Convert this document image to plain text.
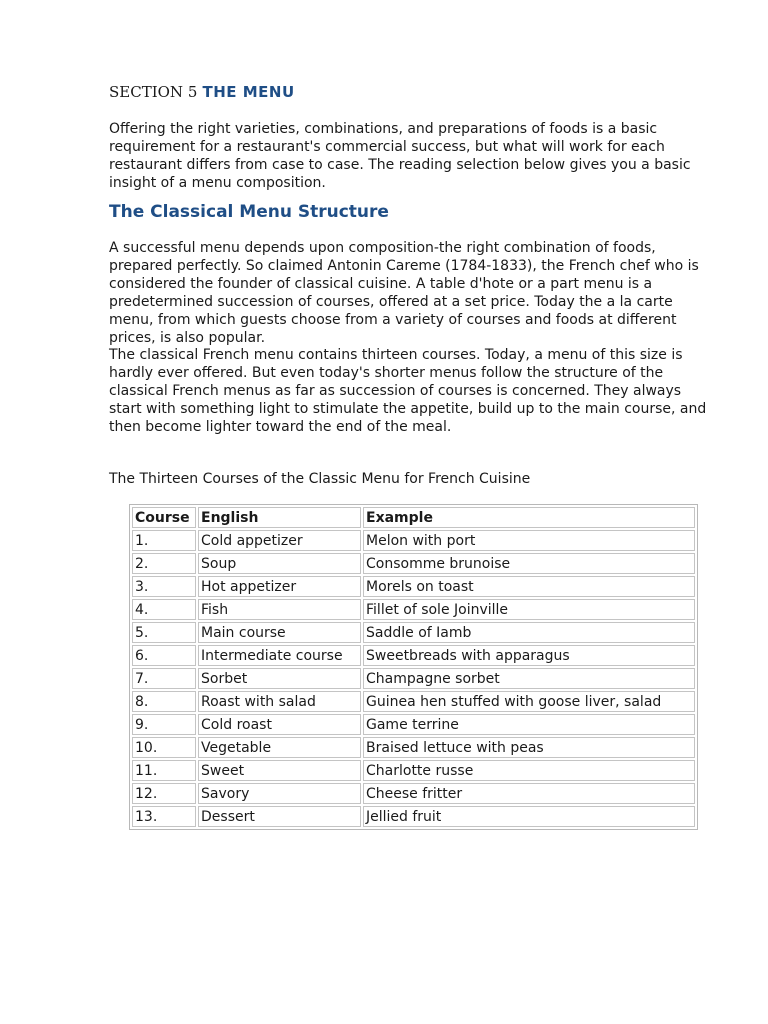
SECTION 5 THE MENU

Offering the right varieties, combinations, and preparations of foods is a basic requirement for a restaurant's commercial success, but what will work for each restaurant differs from case to case. The reading selection below gives you a basic insight of a menu composition.

The Classical Menu Structure

A successful menu depends upon composition-the right combination of foods, prepared perfectly. So claimed Antonin Careme (1784-1833), the French chef who is considered the founder of classical cuisine. A table d'hote or a part menu is a predetermined succession of courses, offered at a set price. Today the a la carte menu, from which guests choose from a variety of courses and foods at different prices, is also popular.

The classical French menu contains thirteen courses. Today, a menu of this size is hardly ever offered. But even today's shorter menus follow the structure of the classical French menus as far as succession of courses is concerned. They always start with something light to stimulate the appetite, build up to the main course, and then become lighter toward the end of the meal.

The Thirteen Courses of the Classic Menu for French Cuisine
Course	English	Example
1.	Cold appetizer	Melon with port
2.	Soup	Consomme brunoise
3.	Hot appetizer	Morels on toast
4.	Fish	Fillet of sole Joinville
5.	Main course	Saddle of Iamb
6.	Intermediate course	Sweetbreads with apparagus
7.	Sorbet	Champagne sorbet
8.	Roast with salad	Guinea hen stuffed with goose liver, salad
9.	Cold roast	Game terrine
10.	Vegetable	Braised lettuce with peas
11.	Sweet	Charlotte russe
12.	Savory	Cheese fritter
13.	Dessert	Jellied fruit
